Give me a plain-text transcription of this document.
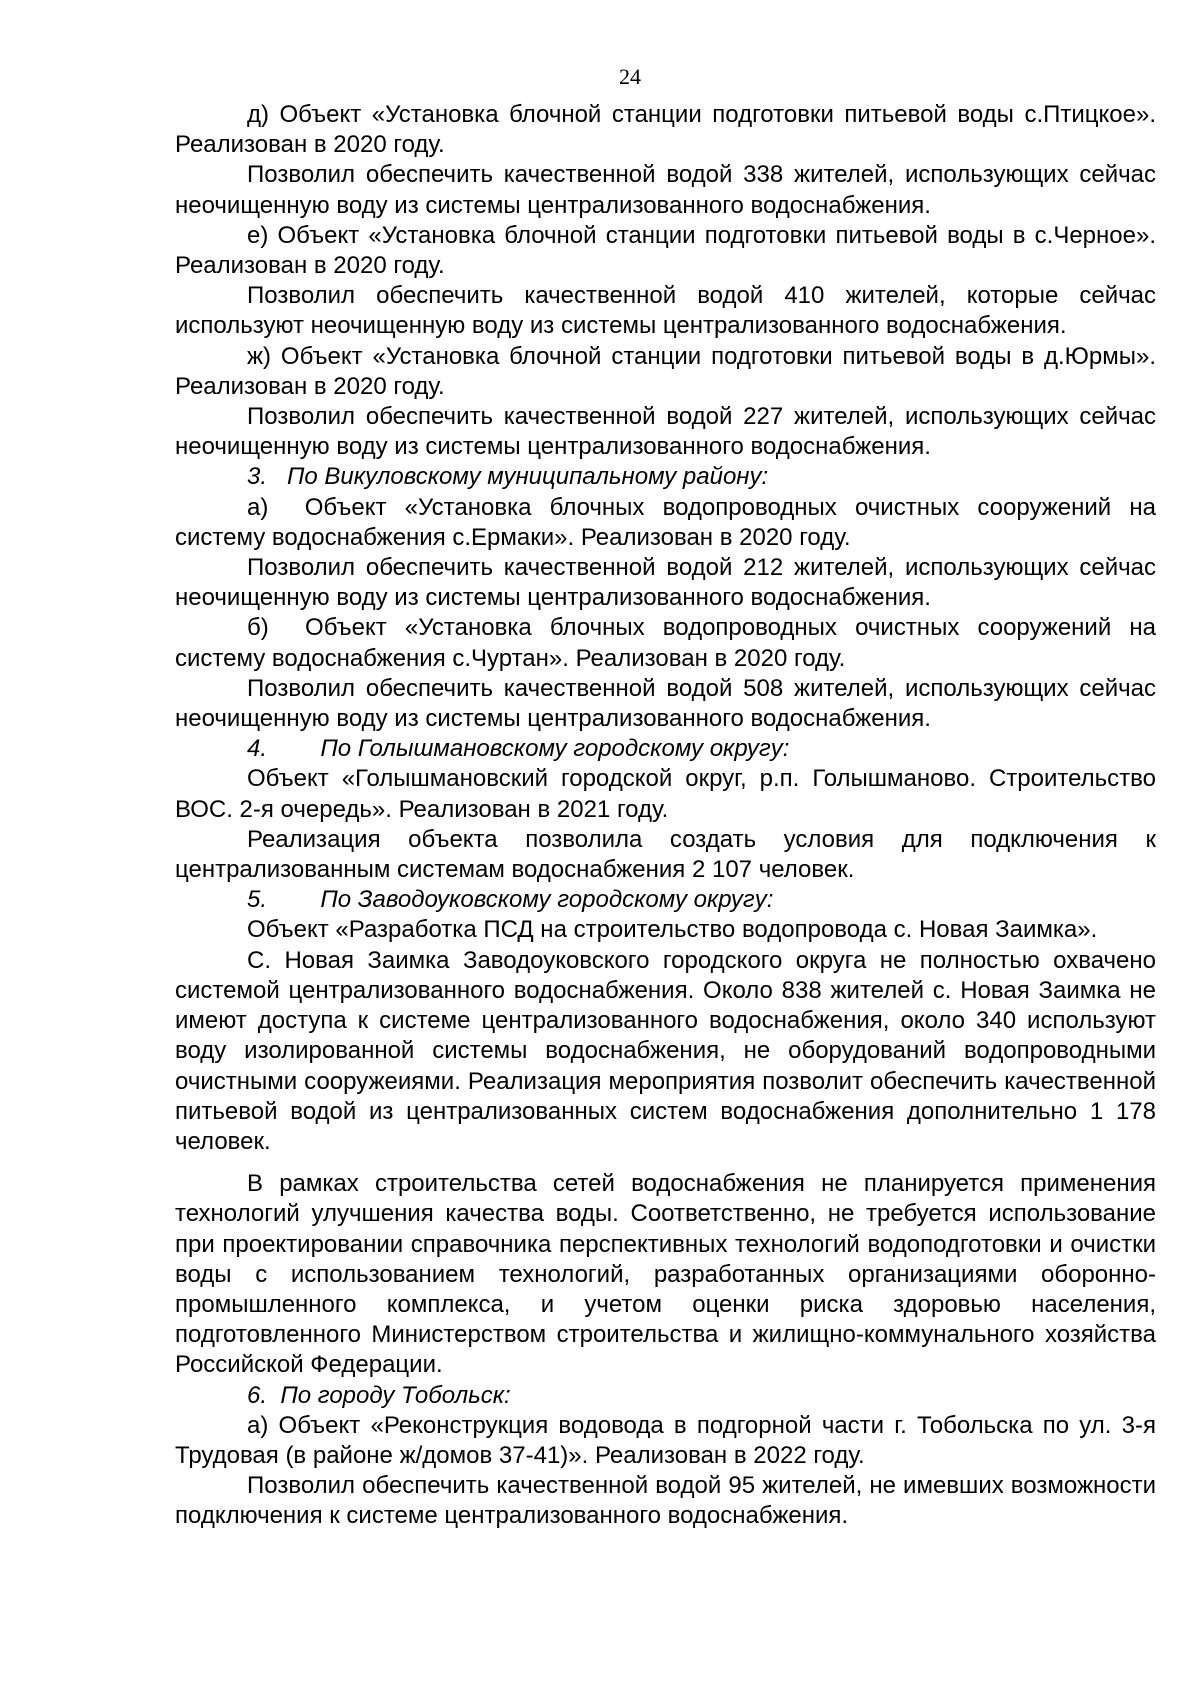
24

д) Объект «Установка блочной станции подготовки питьевой воды с.Птицкое». Реализован в 2020 году.

Позволил обеспечить качественной водой 338 жителей, использующих сейчас неочищенную воду из системы централизованного водоснабжения.

е) Объект «Установка блочной станции подготовки питьевой воды в с.Черное». Реализован в 2020 году.

Позволил обеспечить качественной водой 410 жителей, которые сейчас используют неочищенную воду из системы централизованного водоснабжения.

ж) Объект «Установка блочной станции подготовки питьевой воды в д.Юрмы». Реализован в 2020 году.

Позволил обеспечить качественной водой 227 жителей, использующих сейчас неочищенную воду из системы централизованного водоснабжения.

3.   По Викуловскому муниципальному району:

а)  Объект «Установка блочных водопроводных очистных сооружений на систему водоснабжения с.Ермаки». Реализован в 2020 году.

Позволил обеспечить качественной водой 212 жителей, использующих сейчас неочищенную воду из системы централизованного водоснабжения.

б)  Объект «Установка блочных водопроводных очистных сооружений на систему водоснабжения с.Чуртан». Реализован в 2020 году.

Позволил обеспечить качественной водой 508 жителей, использующих сейчас неочищенную воду из системы централизованного водоснабжения.

4.        По Голышмановскому городскому округу:

Объект «Голышмановский городской округ, р.п. Голышманово. Строительство ВОС. 2-я очередь». Реализован в 2021 году.

Реализация объекта позволила создать условия для подключения к централизованным системам водоснабжения 2 107 человек.

5.        По Заводоуковскому городскому округу:

Объект «Разработка ПСД на строительство водопровода с. Новая Заимка».

С. Новая Заимка Заводоуковского городского округа не полностью охвачено системой централизованного водоснабжения. Около 838 жителей с. Новая Заимка не имеют доступа к системе централизованного водоснабжения, около 340 используют воду изолированной системы водоснабжения, не оборудований водопроводными очистными сооружеиями. Реализация мероприятия позволит обеспечить качественной питьевой водой из централизованных систем водоснабжения дополнительно 1 178 человек.

В рамках строительства сетей водоснабжения не планируется применения технологий улучшения качества воды. Соответственно, не требуется использование при проектировании справочника перспективных технологий водоподготовки и очистки воды с использованием технологий, разработанных организациями оборонно-промышленного комплекса, и учетом оценки риска здоровью населения, подготовленного Министерством строительства и жилищно-коммунального хозяйства Российской Федерации.

6.  По городу Тобольск:

а) Объект «Реконструкция водовода в подгорной части г. Тобольска по ул. 3-я Трудовая (в районе ж/домов 37-41)». Реализован в 2022 году.

Позволил обеспечить качественной водой 95 жителей, не имевших возможности подключения к системе централизованного водоснабжения.
